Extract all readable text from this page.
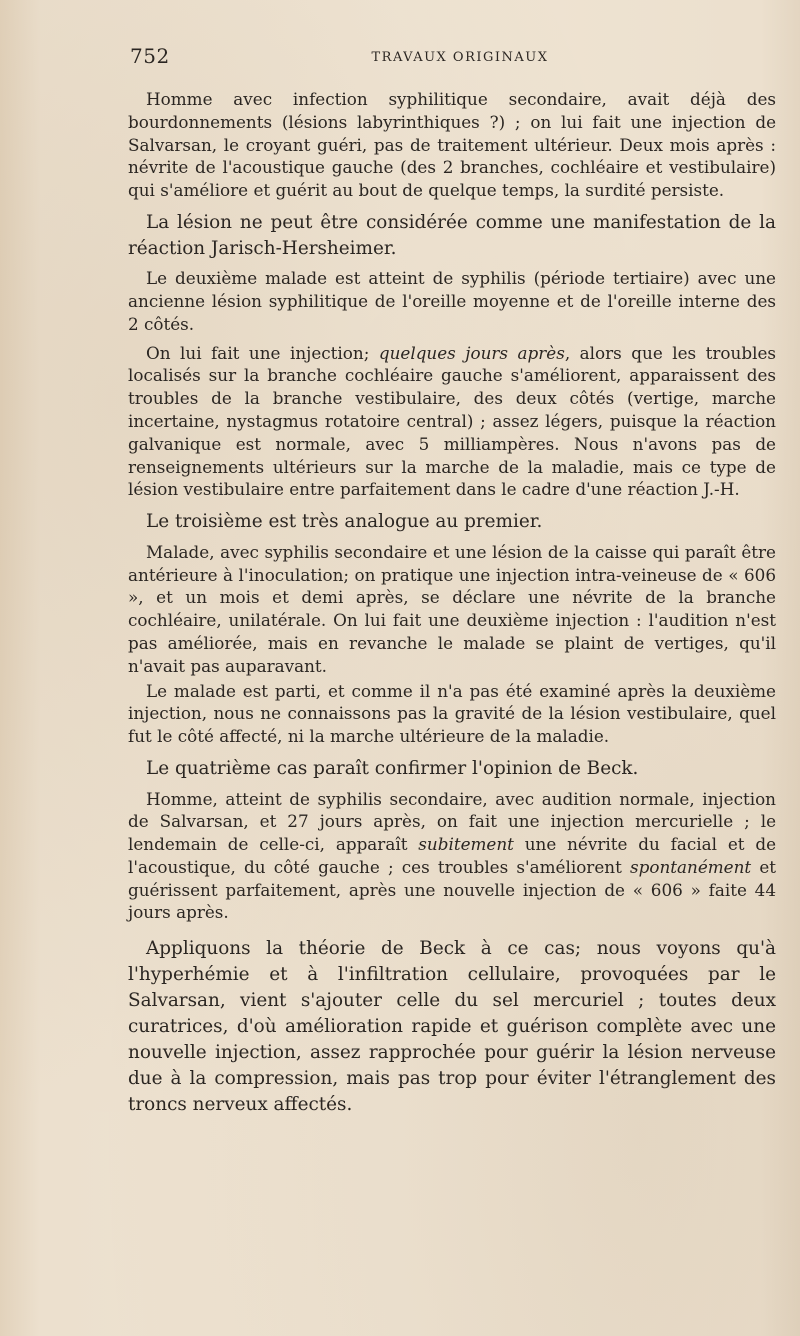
752	TRAVAUX ORIGINAUX

Homme avec infection syphilitique secondaire, avait déjà des bourdonnements (lésions labyrinthiques ?) ; on lui fait une injection de Salvarsan, le croyant guéri, pas de traitement ultérieur. Deux mois après : névrite de l'acoustique gauche (des 2 branches, cochléaire et vestibulaire) qui s'améliore et guérit au bout de quelque temps, la surdité persiste.

La lésion ne peut être considérée comme une manifestation de la réaction Jarisch-Hersheimer.

Le deuxième malade est atteint de syphilis (période tertiaire) avec une ancienne lésion syphilitique de l'oreille moyenne et de l'oreille interne des 2 côtés.

On lui fait une injection; quelques jours après, alors que les troubles localisés sur la branche cochléaire gauche s'améliorent, apparaissent des troubles de la branche vestibulaire, des deux côtés (vertige, marche incertaine, nystagmus rotatoire central) ; assez légers, puisque la réaction galvanique est normale, avec 5 milliampères. Nous n'avons pas de renseignements ultérieurs sur la marche de la maladie, mais ce type de lésion vestibulaire entre parfaitement dans le cadre d'une réaction J.-H.

Le troisième est très analogue au premier.

Malade, avec syphilis secondaire et une lésion de la caisse qui paraît être antérieure à l'inoculation; on pratique une injection intra-veineuse de « 606 », et un mois et demi après, se déclare une névrite de la branche cochléaire, unilatérale. On lui fait une deuxième injection : l'audition n'est pas améliorée, mais en revanche le malade se plaint de vertiges, qu'il n'avait pas auparavant.

Le malade est parti, et comme il n'a pas été examiné après la deuxième injection, nous ne connaissons pas la gravité de la lésion vestibulaire, quel fut le côté affecté, ni la marche ultérieure de la maladie.

Le quatrième cas paraît confirmer l'opinion de Beck.

Homme, atteint de syphilis secondaire, avec audition normale, injection de Salvarsan, et 27 jours après, on fait une injection mercurielle ; le lendemain de celle-ci, apparaît subitement une névrite du facial et de l'acoustique, du côté gauche ; ces troubles s'améliorent spontanément et guérissent parfaitement, après une nouvelle injection de « 606 » faite 44 jours après.

Appliquons la théorie de Beck à ce cas; nous voyons qu'à l'hyperhémie et à l'infiltration cellulaire, provoquées par le Salvarsan, vient s'ajouter celle du sel mercuriel ; toutes deux curatrices, d'où amélioration rapide et guérison complète avec une nouvelle injection, assez rapprochée pour guérir la lésion nerveuse due à la compression, mais pas trop pour éviter l'étranglement des troncs nerveux affectés.
